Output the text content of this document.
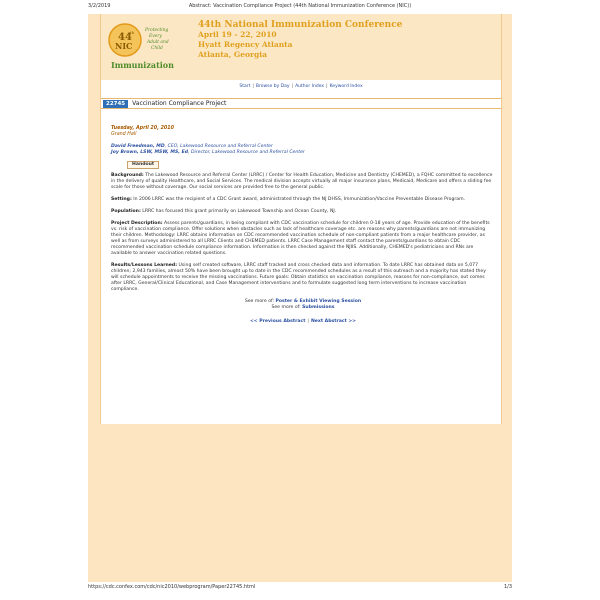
3/2/2019	Abstract: Vaccination Compliance Project (44th National Immunization Conference (NIC))
44
th
NIC
Protecting
Every
Adult and
Child
Immunization
44th National Immunization Conference
April 19 - 22, 2010
Hyatt Regency Atlanta
Atlanta, Georgia
Start | Browse by Day | Author Index | Keyword Index
22745	Vaccination Compliance Project
Tuesday, April 20, 2010
Grand Hall
David Freedman, MD, CEO, Lakewood Resource and Referral Center
Joy Brown, LSW, MSW, MS, Ed, Director, Lakewood Resource and Referral Center
Handout

Background: The Lakewood Resource and Referral Center (LRRC) / Center for Health Education, Medicine and Dentistry (CHEMED), a FQHC committed to excellence in the delivery of quality Healthcare, and Social Services. The medical division accepts virtually all major insurance plans, Medicaid, Medicare and offers a sliding fee scale for those without coverage. Our social services are provided free to the general public.

Setting: In 2006 LRRC was the recipient of a CDC Grant award, administrated through the NJ DHSS, Immunization/Vaccine Preventable Disease Program.

Population: LRRC has focused this grant primarily on Lakewood Township and Ocean County, NJ.

Project Description: Assess parents/guardians, in being compliant with CDC vaccination schedule for children 0-18 years of age. Provide education of the benefits vs. risk of vaccination compliance. Offer solutions when obstacles such as lack of healthcare coverage etc. are reasons why parents/guardians are not immunizing their children. Methodology: LRRC obtains information on CDC recommended vaccination schedule of non-compliant patients from a major healthcare provider, as well as from surveys administered to all LRRC Clients and CHEMED patients. LRRC Case Management staff contact the parents/guardians to obtain CDC recommended vaccination schedule compliance information. Information is then checked against the NJIIS. Additionally, CHEMED's pediatricians and RNs are available to answer vaccination related questions.

Results/Lessons Learned: Using self created software, LRRC staff tracked and cross checked data and information. To date LRRC has obtained data on 5,077 children; 2,943 families, almost 50% have been brought up to date in the CDC recommended schedules as a result of this outreach and a majority has stated they will schedule appointments to receive the missing vaccinations. Future goals: Obtain statistics on vaccination compliance, reasons for non-compliance, out comes after LRRC, General/Clinical Educational, and Case Management interventions and to formulate suggested long term interventions to increase vaccination compliance.

See more of: Poster & Exhibit Viewing Session
See more of: Submissions
<< Previous Abstract | Next Abstract >>
https://cdc.confex.com/cdc/nic2010/webprogram/Paper22745.html	1/3
